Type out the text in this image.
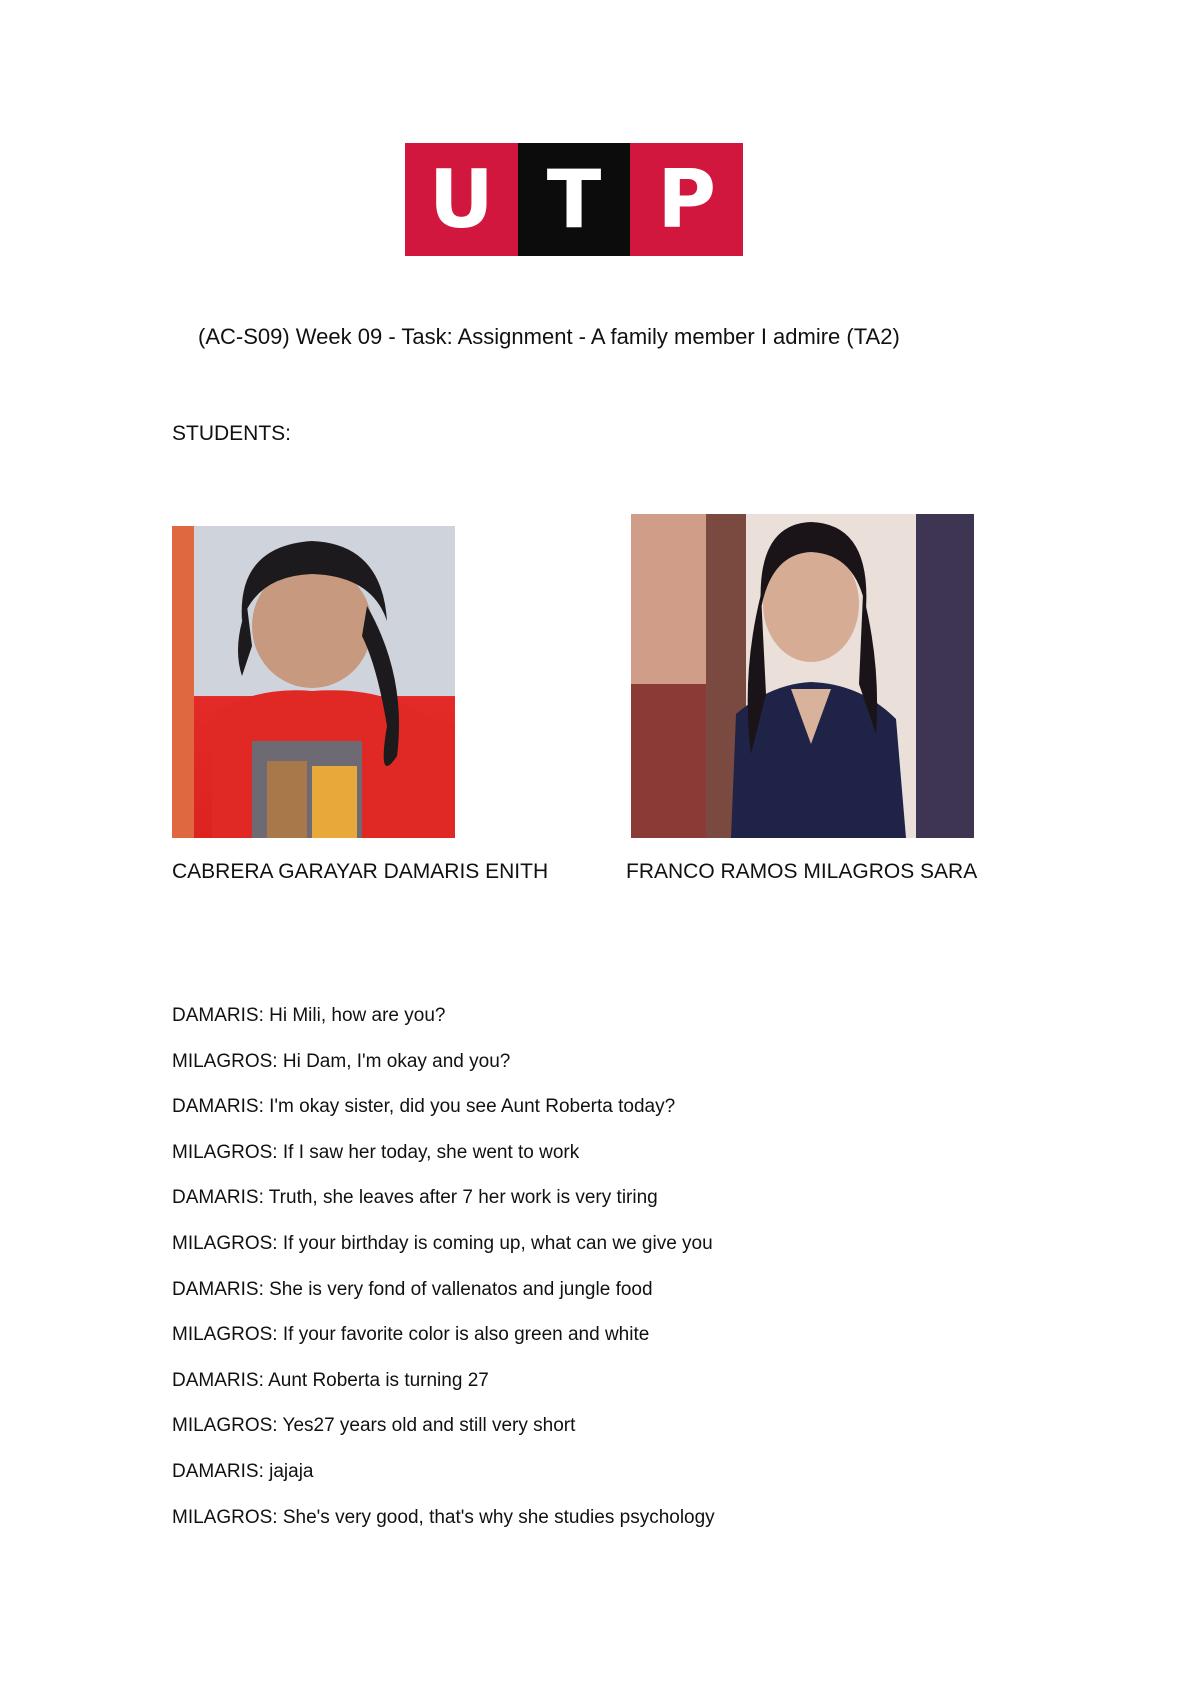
U T P
(AC-S09) Week 09 - Task: Assignment - A family member I admire (TA2)
STUDENTS:
CABRERA GARAYAR DAMARIS ENITH	FRANCO RAMOS MILAGROS SARA
DAMARIS: Hi Mili, how are you?
MILAGROS: Hi Dam, I'm okay and you?
DAMARIS: I'm okay sister, did you see Aunt Roberta today?
MILAGROS: If I saw her today, she went to work
DAMARIS: Truth, she leaves after 7 her work is very tiring
MILAGROS: If your birthday is coming up, what can we give you
DAMARIS: She is very fond of vallenatos and jungle food
MILAGROS: If your favorite color is also green and white
DAMARIS: Aunt Roberta is turning 27
MILAGROS: Yes27 years old and still very short
DAMARIS: jajaja
MILAGROS: She's very good, that's why she studies psychology
